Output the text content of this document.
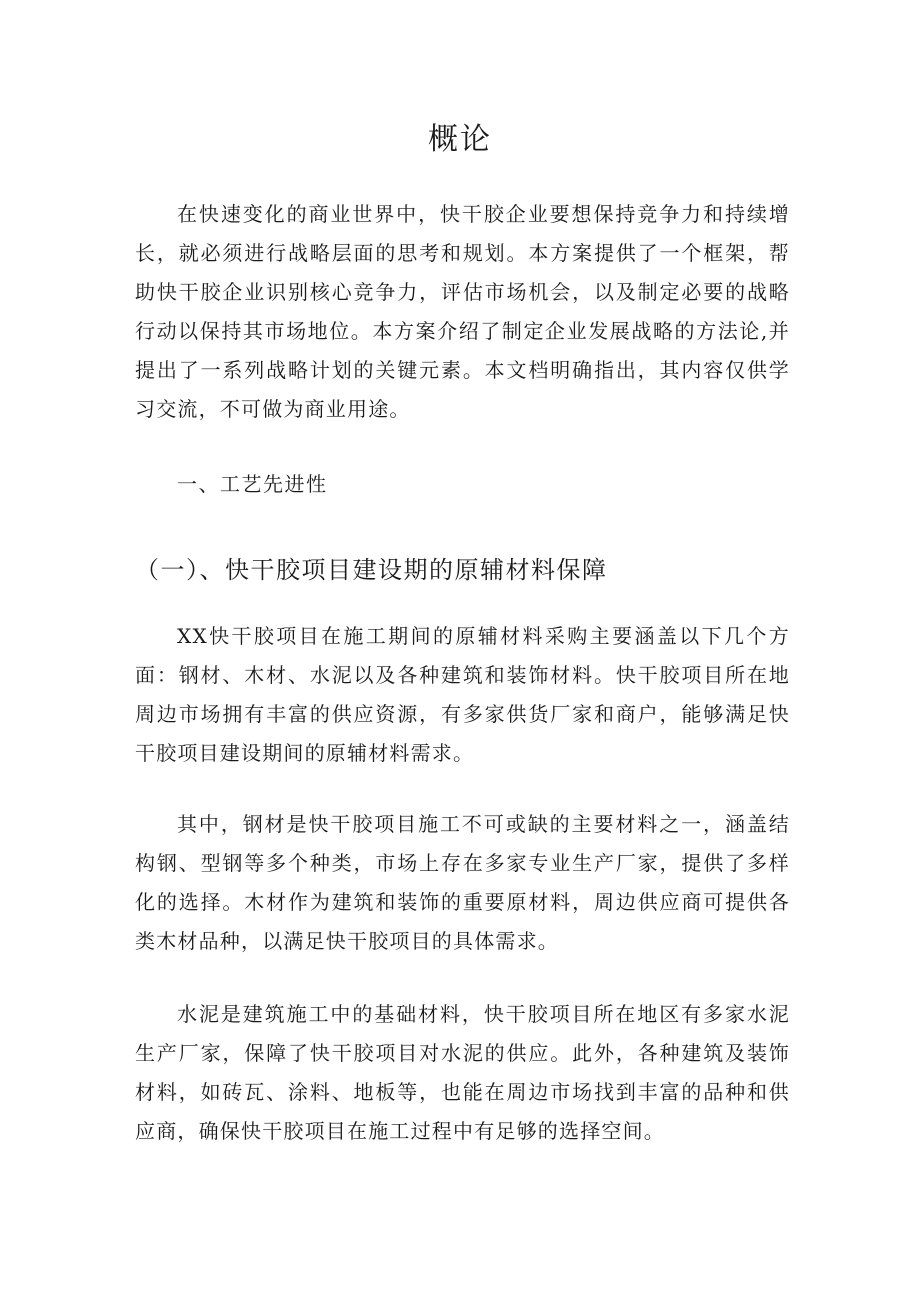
概论

在快速变化的商业世界中，快干胶企业要想保持竞争力和持续增长，就必须进行战略层面的思考和规划。本方案提供了一个框架，帮助快干胶企业识别核心竞争力，评估市场机会，以及制定必要的战略行动以保持其市场地位。本方案介绍了制定企业发展战略的方法论,并提出了一系列战略计划的关键元素。本文档明确指出，其内容仅供学习交流，不可做为商业用途。

一、工艺先进性
（一）、快干胶项目建设期的原辅材料保障

XX快干胶项目在施工期间的原辅材料采购主要涵盖以下几个方面：钢材、木材、水泥以及各种建筑和装饰材料。快干胶项目所在地周边市场拥有丰富的供应资源，有多家供货厂家和商户，能够满足快干胶项目建设期间的原辅材料需求。

其中，钢材是快干胶项目施工不可或缺的主要材料之一，涵盖结构钢、型钢等多个种类，市场上存在多家专业生产厂家，提供了多样化的选择。木材作为建筑和装饰的重要原材料，周边供应商可提供各类木材品种，以满足快干胶项目的具体需求。

水泥是建筑施工中的基础材料，快干胶项目所在地区有多家水泥生产厂家，保障了快干胶项目对水泥的供应。此外，各种建筑及装饰材料，如砖瓦、涂料、地板等，也能在周边市场找到丰富的品种和供应商，确保快干胶项目在施工过程中有足够的选择空间。
